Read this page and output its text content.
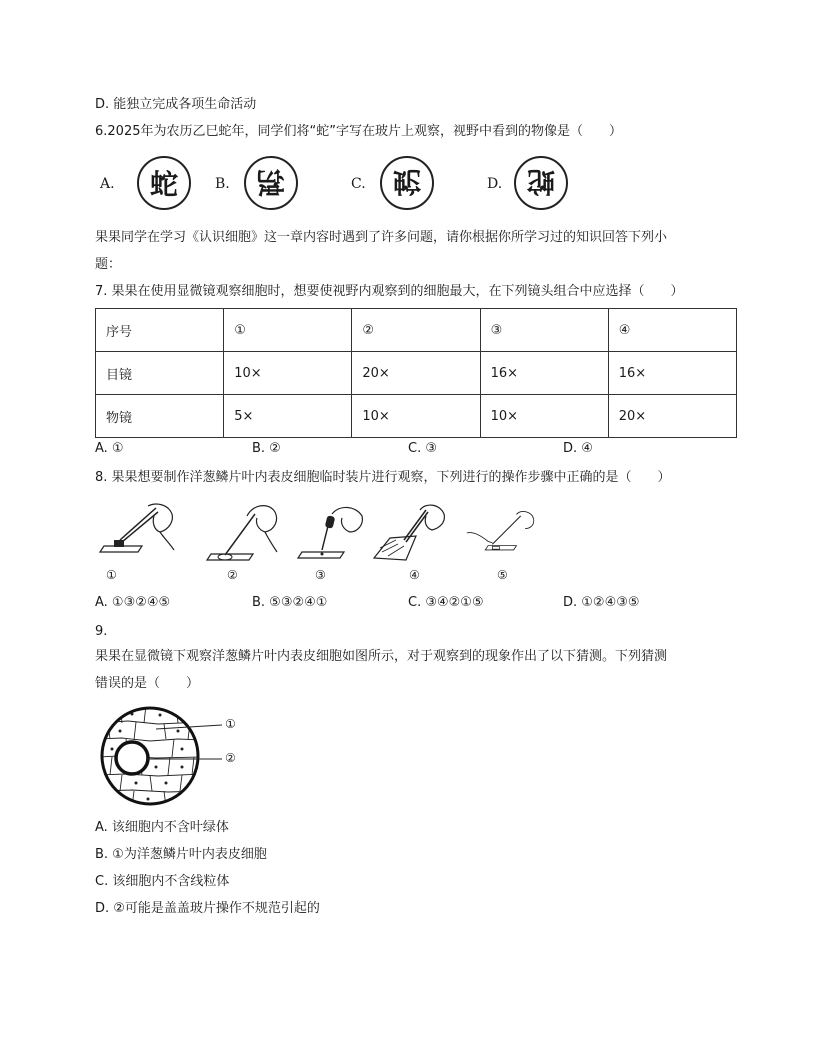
D. 能独立完成各项生命活动
6.2025年为农历乙巳蛇年，同学们将“蛇”字写在玻片上观察，视野中看到的物像是（　　）
A. 蛇	B. 蛇	C. 蛇	D. 蛇
果果同学在学习《认识细胞》这一章内容时遇到了许多问题，请你根据你所学习过的知识回答下列小
题：
7. 果果在使用显微镜观察细胞时，想要使视野内观察到的细胞最大，在下列镜头组合中应选择（　　）
序号	①	②	③	④
目镜	10×	20×	16×	16×
物镜	5×	10×	10×	20×
A. ①	B. ②	C. ③	D. ④
8. 果果想要制作洋葱鳞片叶内表皮细胞临时装片进行观察，下列进行的操作步骤中正确的是（　　）
①	②	③	④	⑤
A. ①③②④⑤	B. ⑤③②④①	C. ③④②①⑤	D. ①②④③⑤
9.
果果在显微镜下观察洋葱鳞片叶内表皮细胞如图所示，对于观察到的现象作出了以下猜测。下列猜测
错误的是（　　）
①
②
A. 该细胞内不含叶绿体
B. ①为洋葱鳞片叶内表皮细胞
C. 该细胞内不含线粒体
D. ②可能是盖盖玻片操作不规范引起的
